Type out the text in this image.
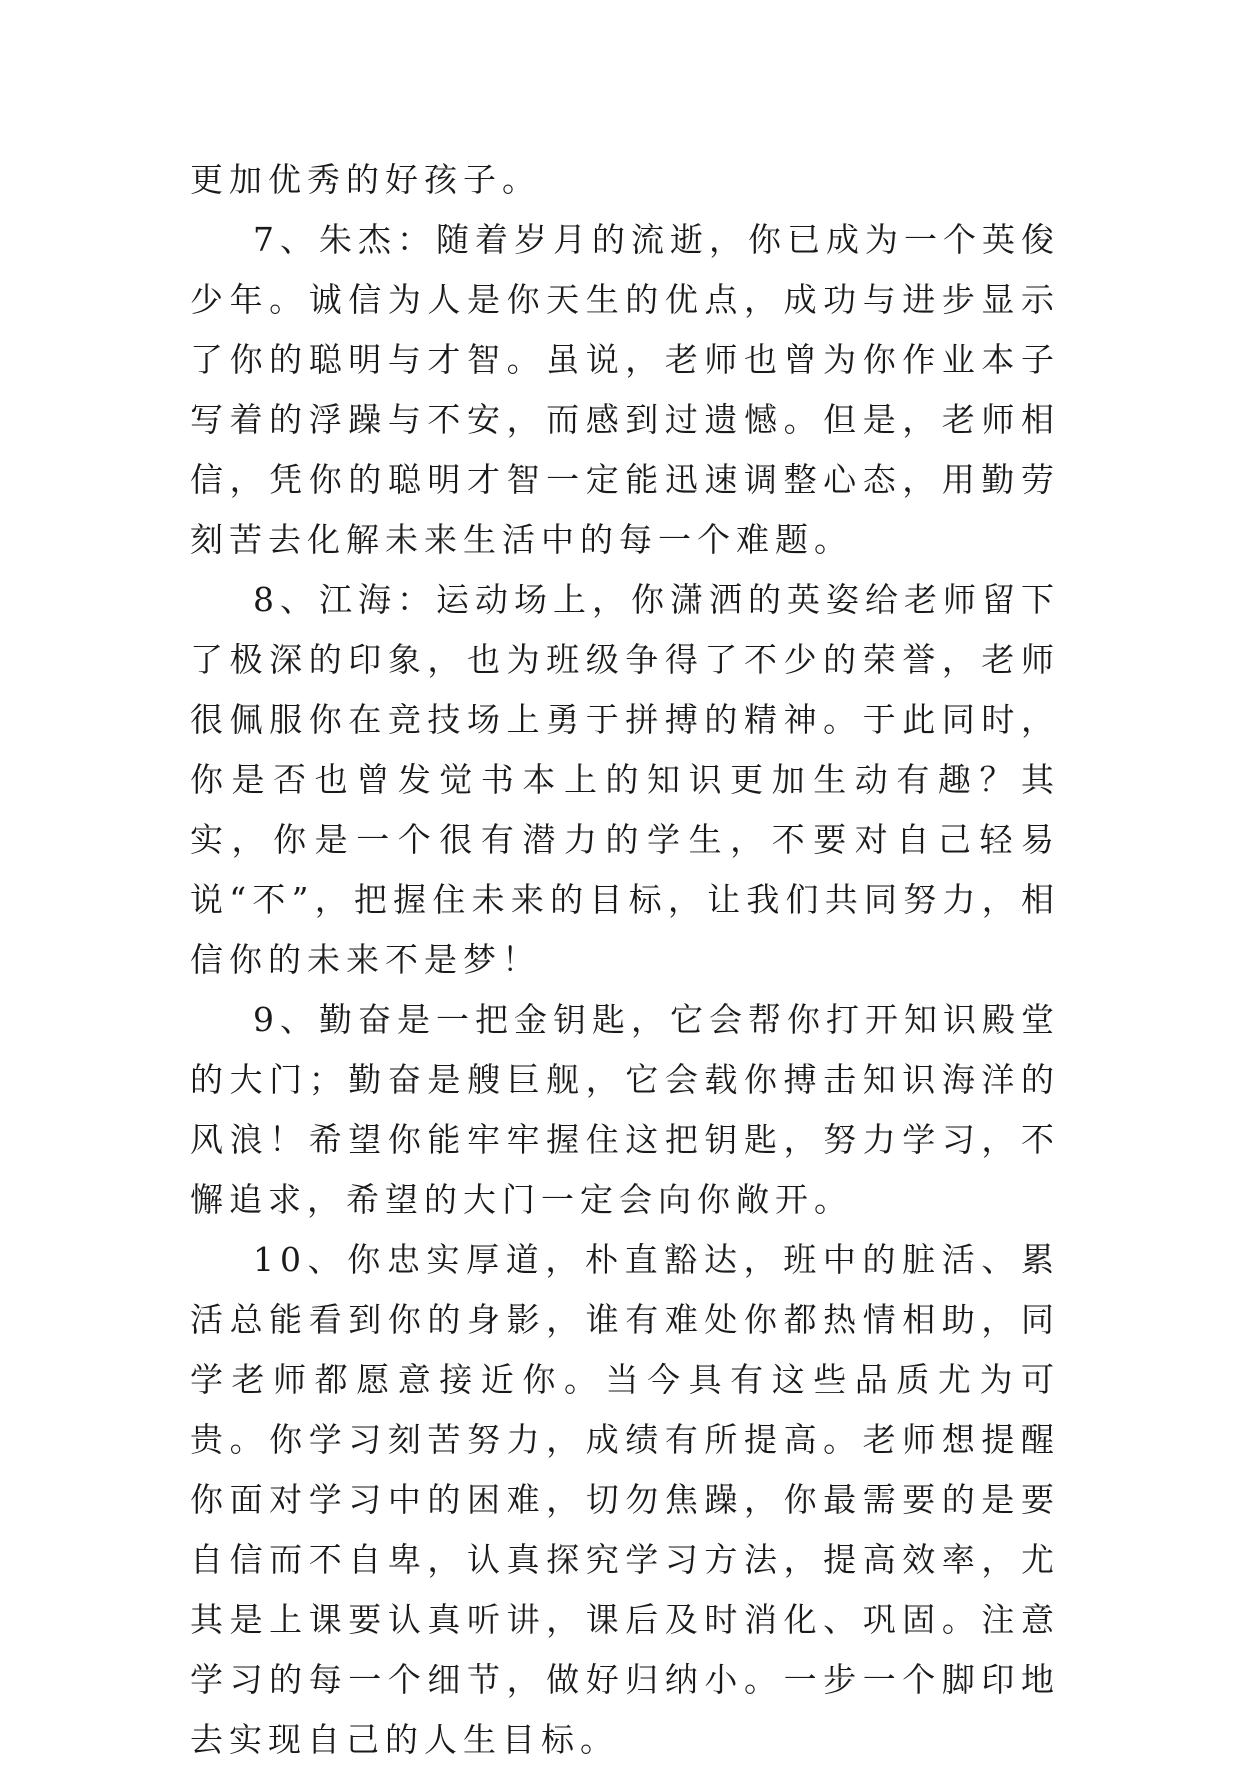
更加优秀的好孩子。

7、朱杰：随着岁月的流逝，你已成为一个英俊少年。诚信为人是你天生的优点，成功与进步显示了你的聪明与才智。虽说，老师也曾为你作业本子写着的浮躁与不安，而感到过遗憾。但是，老师相信，凭你的聪明才智一定能迅速调整心态，用勤劳刻苦去化解未来生活中的每一个难题。

8、江海：运动场上，你潇洒的英姿给老师留下了极深的印象，也为班级争得了不少的荣誉，老师很佩服你在竞技场上勇于拼搏的精神。于此同时，你是否也曾发觉书本上的知识更加生动有趣？其实，你是一个很有潜力的学生，不要对自己轻易说“不”，把握住未来的目标，让我们共同努力，相信你的未来不是梦！

9、勤奋是一把金钥匙，它会帮你打开知识殿堂的大门；勤奋是艘巨舰，它会载你搏击知识海洋的风浪！希望你能牢牢握住这把钥匙，努力学习，不懈追求，希望的大门一定会向你敞开。

10、你忠实厚道，朴直豁达，班中的脏活、累活总能看到你的身影，谁有难处你都热情相助，同学老师都愿意接近你。当今具有这些品质尤为可贵。你学习刻苦努力，成绩有所提高。老师想提醒你面对学习中的困难，切勿焦躁，你最需要的是要自信而不自卑，认真探究学习方法，提高效率，尤其是上课要认真听讲，课后及时消化、巩固。注意学习的每一个细节，做好归纳小。一步一个脚印地去实现自己的人生目标。
